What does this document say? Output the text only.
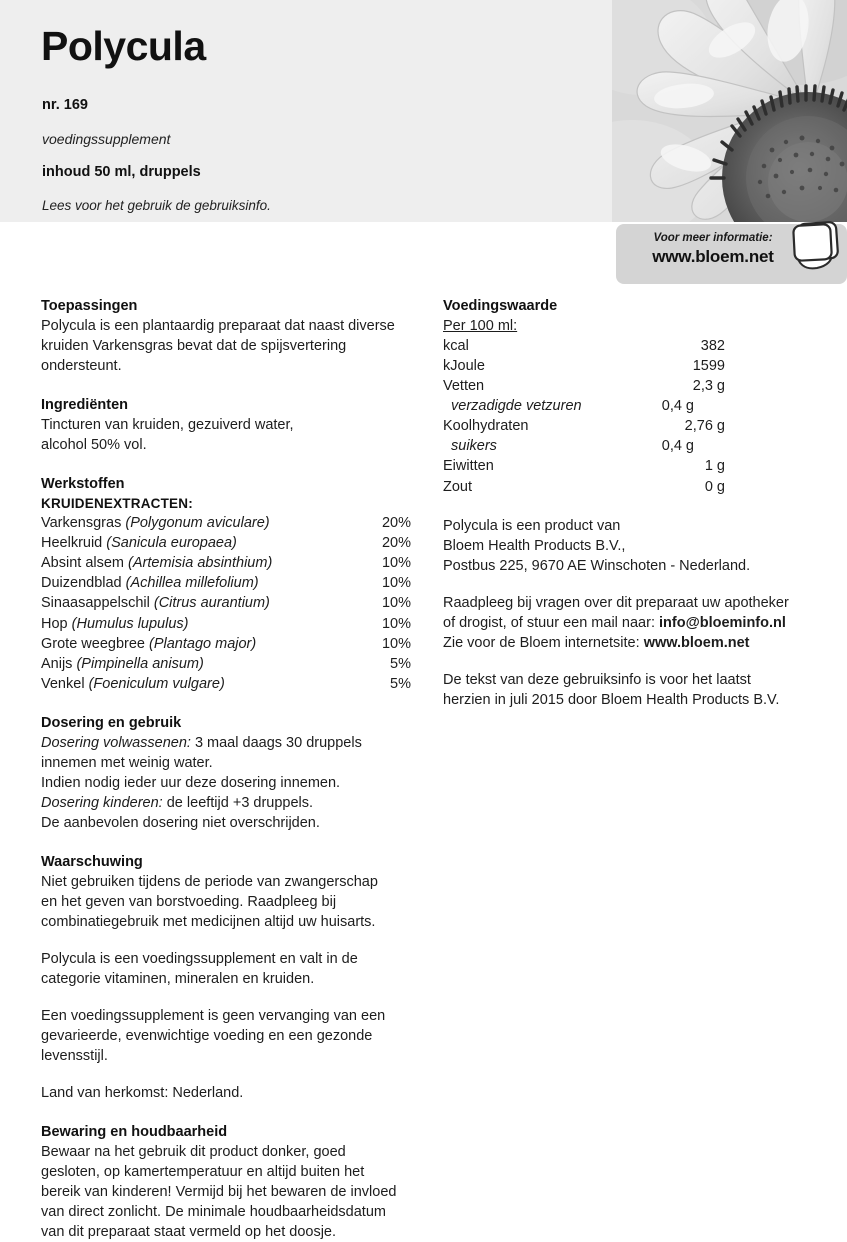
Polycula
nr. 169
voedingssupplement
inhoud 50 ml, druppels
Lees voor het gebruik de gebruiksinfo.
Voor meer informatie:
www.bloem.net
Toepassingen
Polycula is een plantaardig preparaat dat naast diverse
kruiden Varkensgras bevat dat de spijsvertering
ondersteunt.
Ingrediënten
Tincturen van kruiden, gezuiverd water,
alcohol 50% vol.
Werkstoffen
KRUIDENEXTRACTEN:
Varkensgras (Polygonum aviculare)	20%
Heelkruid (Sanicula europaea)	20%
Absint alsem (Artemisia absinthium)	10%
Duizendblad (Achillea millefolium)	10%
Sinaasappelschil (Citrus aurantium)	10%
Hop (Humulus lupulus)	10%
Grote weegbree (Plantago major)	10%
Anijs (Pimpinella anisum)	5%
Venkel (Foeniculum vulgare)	5%
Dosering en gebruik
Dosering volwassenen: 3 maal daags 30 druppels
innemen met weinig water.
Indien nodig ieder uur deze dosering innemen.
Dosering kinderen: de leeftijd +3 druppels.
De aanbevolen dosering niet overschrijden.
Waarschuwing
Niet gebruiken tijdens de periode van zwangerschap
en het geven van borstvoeding. Raadpleeg bij
combinatiegebruik met medicijnen altijd uw huisarts.
Polycula is een voedingssupplement en valt in de
categorie vitaminen, mineralen en kruiden.
Een voedingssupplement is geen vervanging van een
gevarieerde, evenwichtige voeding en een gezonde
levensstijl.
Land van herkomst: Nederland.
Bewaring en houdbaarheid
Bewaar na het gebruik dit product donker, goed
gesloten, op kamertemperatuur en altijd buiten het
bereik van kinderen! Vermijd bij het bewaren de invloed
van direct zonlicht. De minimale houdbaarheidsdatum
van dit preparaat staat vermeld op het doosje.
Voedingswaarde
Per 100 ml:
kcal	382
kJoule	1599
Vetten	2,3 g
verzadigde vetzuren	0,4 g
Koolhydraten	2,76 g
suikers	0,4 g
Eiwitten	1 g
Zout	0 g
Polycula is een product van
Bloem Health Products B.V.,
Postbus 225, 9670 AE Winschoten - Nederland.
Raadpleeg bij vragen over dit preparaat uw apotheker
of drogist, of stuur een mail naar: info@bloeminfo.nl
Zie voor de Bloem internetsite: www.bloem.net
De tekst van deze gebruiksinfo is voor het laatst
herzien in juli 2015 door Bloem Health Products B.V.
